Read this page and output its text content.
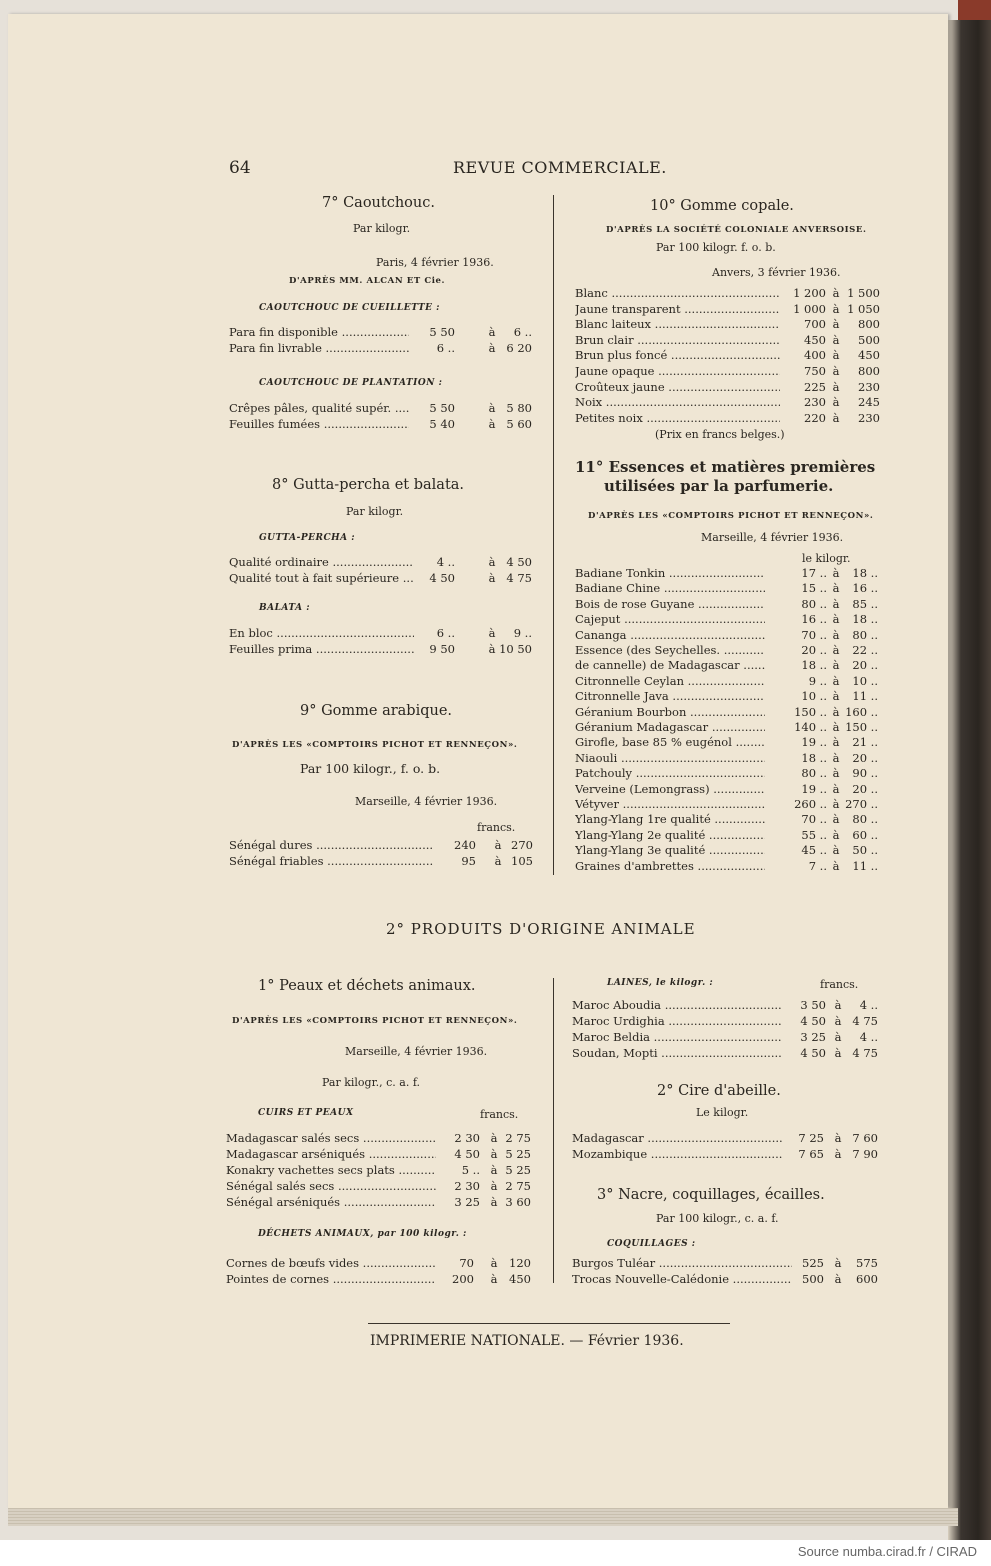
64	REVUE COMMERCIALE.
7° Caoutchouc.
Par kilogr.
Paris, 4 février 1936.
D'APRÈS MM. ALCAN ET Cie.
CAOUTCHOUC DE CUEILLETTE :
Para fin disponible .....	5 50	à	6 ..
Para fin livrable .....	6 ..	à 6 20
CAOUTCHOUC DE PLANTATION :
Crêpes pâles, qualité supér. .....	5 50	à 5 80
Feuilles fumées .....	5 40	à 5 60
8° Gutta-percha et balata.
Par kilogr.
GUTTA-PERCHA :
Qualité ordinaire .....	4 ..	à 4 50
Qualité tout à fait supérieure .....	4 50	à 4 75
BALATA :
En bloc .....	6 ..	à	9 ..
Feuilles prima .....	9 50	à 10 50
9° Gomme arabique.
D'APRÈS LES «COMPTOIRS PICHOT ET RENNEÇON».
Par 100 kilogr., f. o. b.
Marseille, 4 février 1936.
francs.
Sénégal dures .....	240	à 270
Sénégal friables .....	95	à 105
10° Gomme copale.
D'APRÈS LA SOCIÉTÉ COLONIALE ANVERSOISE.
Par 100 kilogr. f. o. b.
Anvers, 3 février 1936.
Blanc .....	1 200 à 1 500
Jaune transparent .....	1 000 à 1 050
Blanc laiteux .....	700 à	800
Brun clair .....	450 à	500
Brun plus foncé .....	400 à	450
Jaune opaque .....	750 à	800
Croûteux jaune .....	225 à	230
Noix .....	230 à	245
Petites noix .....	220 à	230
(Prix en francs belges.)
11° Essences et matières premières
utilisées par la parfumerie.
D'APRÈS LES «COMPTOIRS PICHOT ET RENNEÇON».
Marseille, 4 février 1936.
le kilogr.
Badiane Tonkin .....	17 .. à	18 ..
Badiane Chine .....	15 .. à	16 ..
Bois de rose Guyane .....	80 .. à	85 ..
Cajeput .....	16 .. à	18 ..
Cananga .....	70 .. à	80 ..
Essence (des Seychelles. .....	20 .. à	22 ..
de cannelle) de Madagascar .....	18 .. à	20 ..
Citronnelle Ceylan .....	9 .. à	10 ..
Citronnelle Java .....	10 .. à	11 ..
Géranium Bourbon .....	150 .. à 160 ..
Géranium Madagascar .....	140 .. à 150 ..
Girofle, base 85 % eugénol .....	19 .. à	21 ..
Niaouli .....	18 .. à	20 ..
Patchouly .....	80 .. à	90 ..
Verveine (Lemongrass) .....	19 .. à	20 ..
Vétyver .....	260 .. à 270 ..
Ylang-Ylang 1re qualité .....	70 .. à	80 ..
Ylang-Ylang 2e qualité .....	55 .. à	60 ..
Ylang-Ylang 3e qualité .....	45 .. à	50 ..
Graines d'ambrettes .....	7 .. à	11 ..
2° PRODUITS D'ORIGINE ANIMALE
1° Peaux et déchets animaux.
D'APRÈS LES «COMPTOIRS PICHOT ET RENNEÇON».
Marseille, 4 février 1936.
Par kilogr., c. a. f.
CUIRS ET PEAUX	francs.
Madagascar salés secs .....	2 30 à 2 75
Madagascar arséniqués .....	4 50 à 5 25
Konakry vachettes secs plats .....	5 .. à 5 25
Sénégal salés secs .....	2 30 à 2 75
Sénégal arséniqués .....	3 25 à 3 60
DÉCHETS ANIMAUX, par 100 kilogr. :
Cornes de bœufs vides .....	70	à	120
Pointes de cornes .....	200	à	450
LAINES, le kilogr. :	francs.
Maroc Aboudia .....	3 50 à	4 ..
Maroc Urdighia .....	4 50 à 4 75
Maroc Beldia .....	3 25 à	4 ..
Soudan, Mopti .....	4 50 à 4 75
2° Cire d'abeille.
Le kilogr.
Madagascar .....	7 25 à 7 60
Mozambique .....	7 65 à 7 90
3° Nacre, coquillages, écailles.
Par 100 kilogr., c. a. f.
COQUILLAGES :
Burgos Tuléar .....	525 à	575
Trocas Nouvelle-Calédonie .....	500 à	600
IMPRIMERIE NATIONALE. — Février 1936.
Source numba.cirad.fr / CIRAD
